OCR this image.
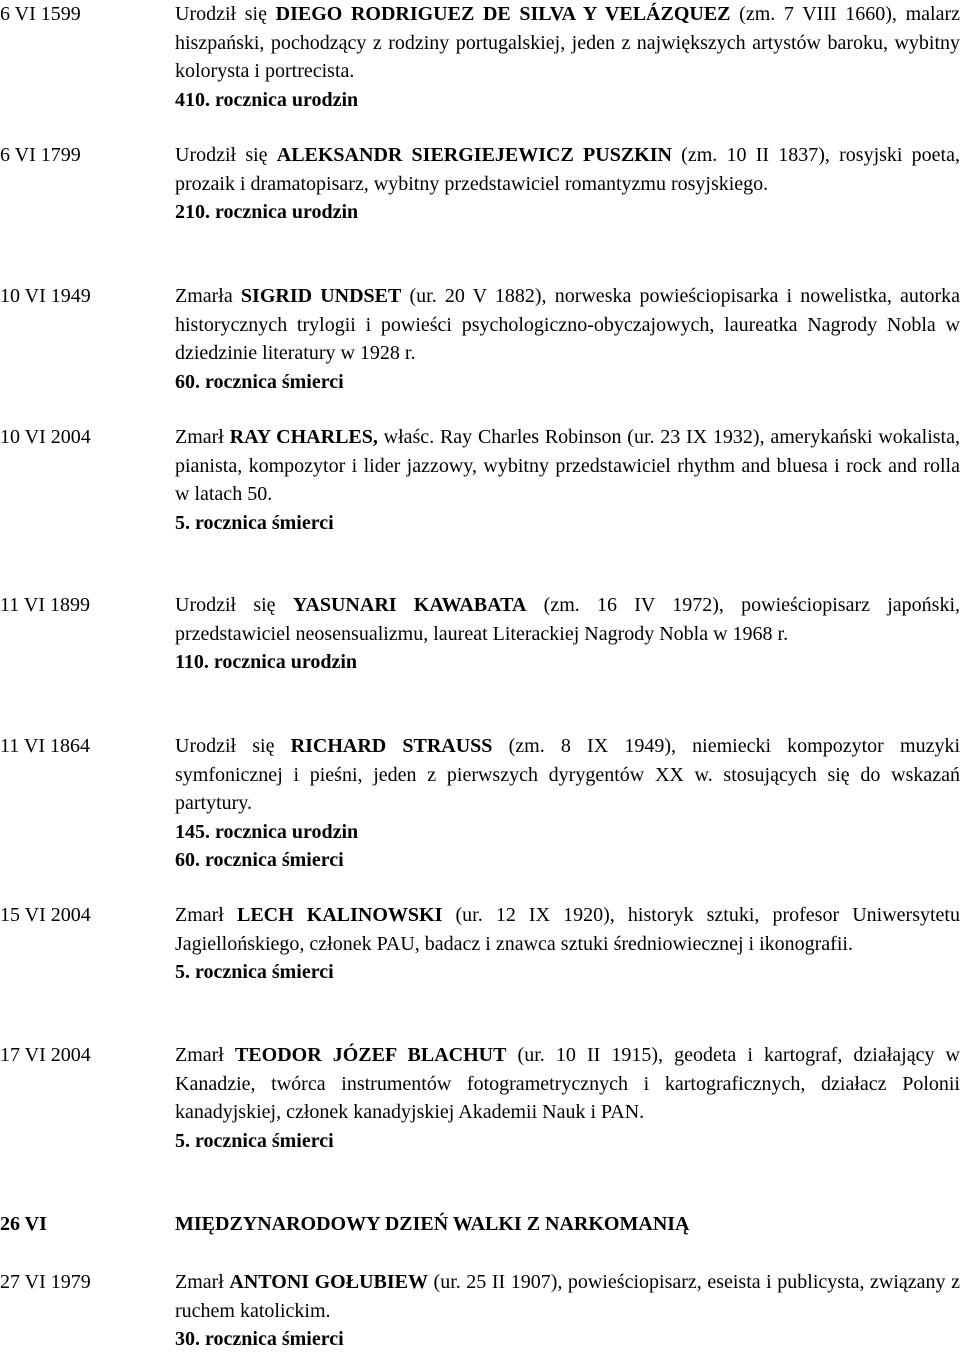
6 VI 1599	Urodził się DIEGO RODRIGUEZ DE SILVA Y VELÁZQUEZ (zm. 7 VIII 1660), malarz hiszpański, pochodzący z rodziny portugalskiej, jeden z największych artystów baroku, wybitny kolorysta i portrecista.
410. rocznica urodzin
6 VI 1799	Urodził się ALEKSANDR SIERGIEJEWICZ PUSZKIN (zm. 10 II 1837), rosyjski poeta, prozaik i dramatopisarz, wybitny przedstawiciel romantyzmu rosyjskiego.
210. rocznica urodzin
10 VI 1949	Zmarła SIGRID UNDSET (ur. 20 V 1882), norweska powieściopisarka i nowelistka, autorka historycznych trylogii i powieści psychologiczno-obyczajowych, laureatka Nagrody Nobla w dziedzinie literatury w 1928 r.
60. rocznica śmierci
10 VI 2004	Zmarł RAY CHARLES, właśc. Ray Charles Robinson (ur. 23 IX 1932), amerykański wokalista, pianista, kompozytor i lider jazzowy, wybitny przedstawiciel rhythm and bluesa i rock and rolla w latach 50.
5. rocznica śmierci
11 VI 1899	Urodził się YASUNARI KAWABATA (zm. 16 IV 1972), powieściopisarz japoński, przedstawiciel neosensualizmu, laureat Literackiej Nagrody Nobla w 1968 r.
110. rocznica urodzin
11 VI 1864	Urodził się RICHARD STRAUSS (zm. 8 IX 1949), niemiecki kompozytor muzyki symfonicznej i pieśni, jeden z pierwszych dyrygentów XX w. stosujących się do wskazań partytury.
145. rocznica urodzin
60. rocznica śmierci
15 VI 2004	Zmarł LECH KALINOWSKI (ur. 12 IX 1920), historyk sztuki, profesor Uniwersytetu Jagiellońskiego, członek PAU, badacz i znawca sztuki średniowiecznej i ikonografii.
5. rocznica śmierci
17 VI 2004	Zmarł TEODOR JÓZEF BLACHUT (ur. 10 II 1915), geodeta i kartograf, działający w Kanadzie, twórca instrumentów fotogrametrycznych i kartograficznych, działacz Polonii kanadyjskiej, członek kanadyjskiej Akademii Nauk i PAN.
5. rocznica śmierci
26 VI	MIĘDZYNARODOWY DZIEŃ WALKI Z NARKOMANIĄ
27 VI 1979	Zmarł ANTONI GOŁUBIEW (ur. 25 II 1907), powieściopisarz, eseista i publicysta, związany z ruchem katolickim.
30. rocznica śmierci
